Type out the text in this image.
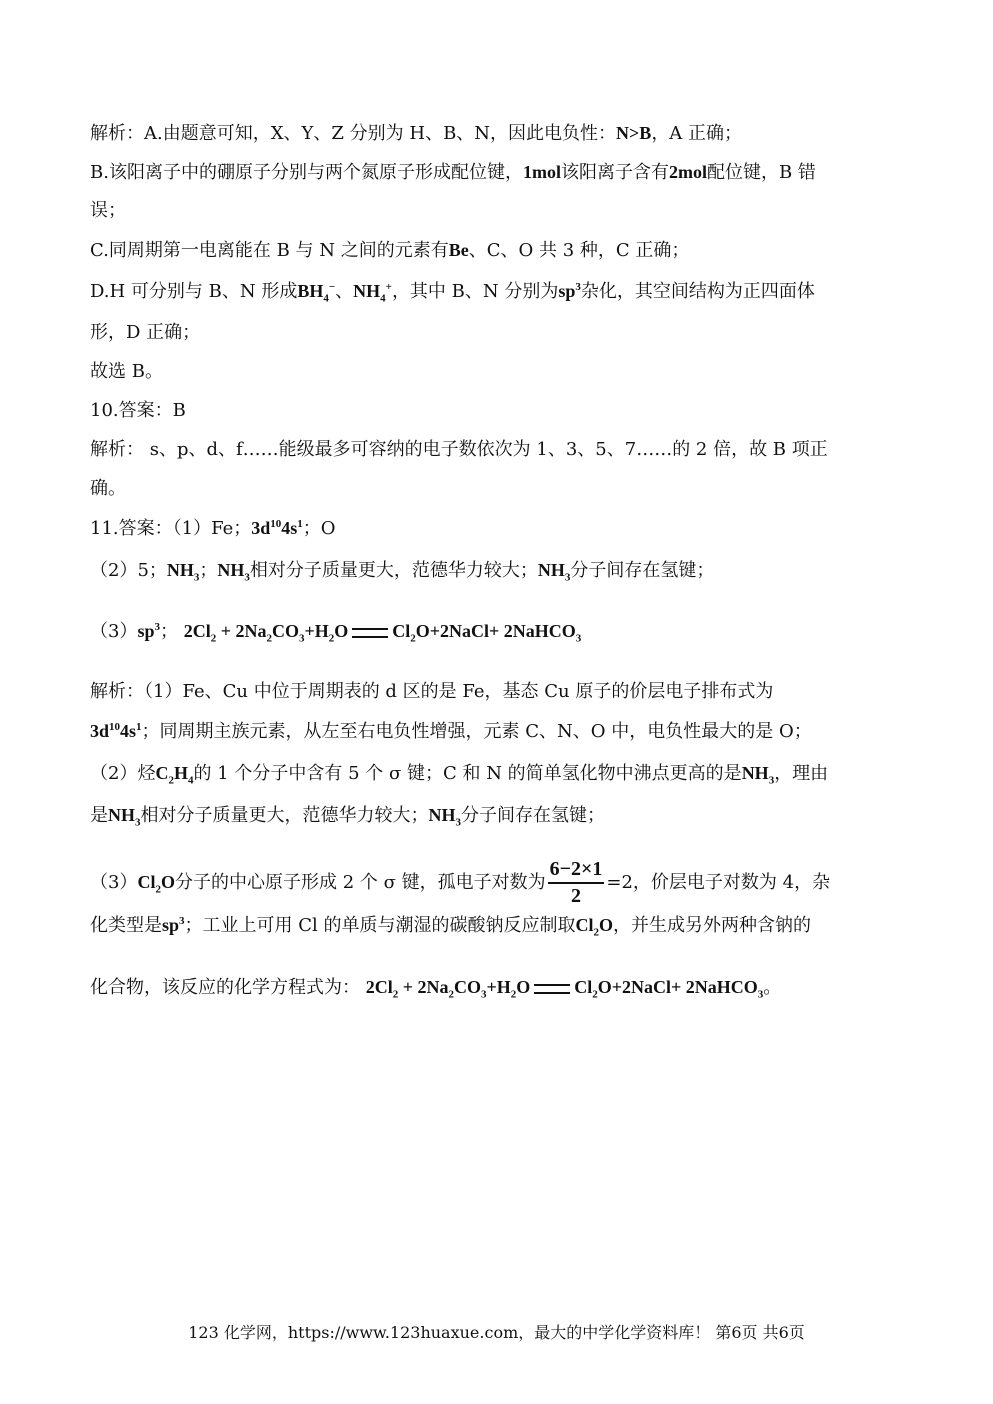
解析：A.由题意可知，X、Y、Z 分别为 H、B、N，因此电负性：N>B，A 正确；
B.该阳离子中的硼原子分别与两个氮原子形成配位键，1mol该阳离子含有2mol配位键，B 错
误；
C.同周期第一电离能在 B 与 N 之间的元素有Be、C、O 共 3 种，C 正确；
D.H 可分别与 B、N 形成$BH_4^-$、$NH_4^+$，其中 B、N 分别为$sp^3$杂化，其空间结构为正四面体
形，D 正确；
故选 B。
10.答案：B
解析： s、p、d、f……能级最多可容纳的电子数依次为 1、3、5、7……的 2 倍，故 B 项正
确。
11.答案：（1）Fe；$3d^{10}4s^1$；O
（2）5；$NH_3$；$NH_3$相对分子质量更大，范德华力较大；$NH_3$分子间存在氢键；
$(3)sp^3$； $2Cl_2 + 2Na_2CO_3+H_2O$ $Cl_2O+2NaCl+$ 2NaHCO$_3$
解析：（1）Fe、Cu 中位于周期表的 d 区的是 Fe，基态 Cu 原子的价层电子排布式为
$3d^{10}4s^1$；同周期主族元素，从左至右电负性增强，元素 C、N、O 中，电负性最大的是 O；
（2）烃$C_2H_4$的 1 个分子中含有 5 个 σ 键；C 和 N 的简单氢化物中沸点更高的是$NH_3$，理由
是$NH_3$相对分子质量更大，范德华力较大；$NH_3$分子间存在氢键；
$(3)Cl_2O$分子的中心原子形成 2 个 σ 键，孤电子对数为 $\frac{6-2\times 1}{2} =2$，价层电子对数为 4，杂
化类型是$sp^3$；工业上可用 Cl 的单质与潮湿的碳酸钠反应制取$Cl_2O$，并生成另外两种含钠的
化合物，该反应的化学方程式为： $2Cl_2 + 2Na_2CO_3+H_2O$ $Cl_2O+2NaCl+$ 2NaHCO$_3$。
123 化学网，https://www.123huaxue.com，最大的中学化学资料库！ 第6页 共6页
